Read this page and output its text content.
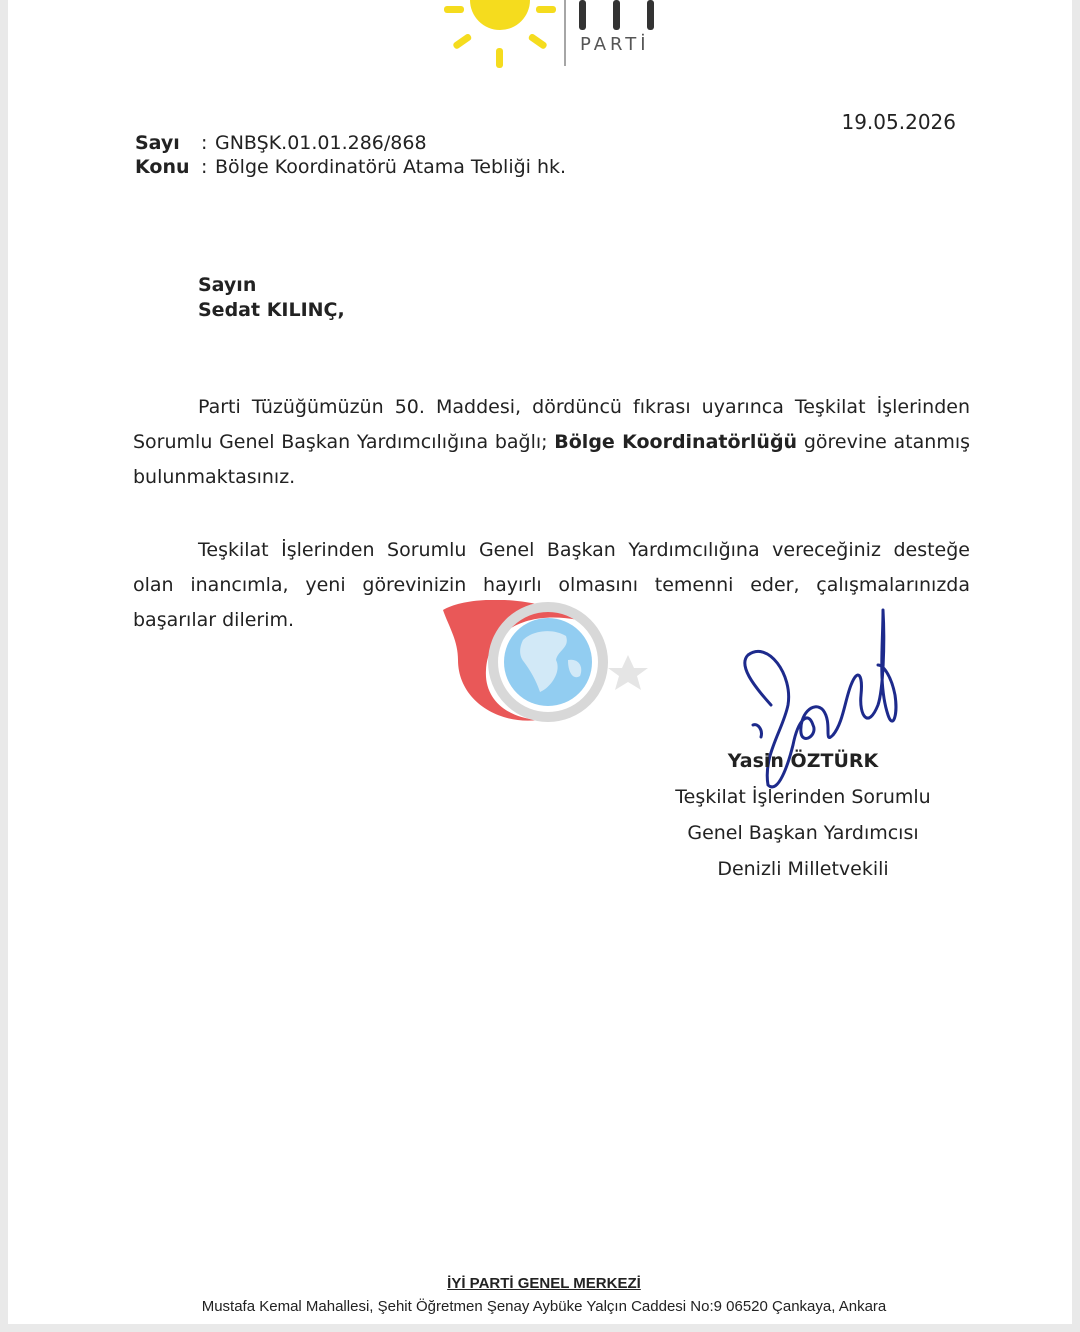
PARTİ
19.05.2026
Sayı	: GNBŞK.01.01.286/868
Konu : Bölge Koordinatörü Atama Tebliği hk.
Sayın
Sedat KILINÇ,
Parti Tüzüğümüzün 50. Maddesi, dördüncü fıkrası uyarınca Teşkilat İşlerinden Sorumlu Genel Başkan Yardımcılığına bağlı; Bölge Koordinatörlüğü görevine atanmış bulunmaktasınız.
Teşkilat İşlerinden Sorumlu Genel Başkan Yardımcılığına vereceğiniz desteğe olan inancımla, yeni görevinizin hayırlı olmasını temenni eder, çalışmalarınızda başarılar dilerim.
Yasin ÖZTÜRK
Teşkilat İşlerinden Sorumlu
Genel Başkan Yardımcısı
Denizli Milletvekili
İYİ PARTİ GENEL MERKEZİ
Mustafa Kemal Mahallesi, Şehit Öğretmen Şenay Aybüke Yalçın Caddesi No:9 06520 Çankaya, Ankara
